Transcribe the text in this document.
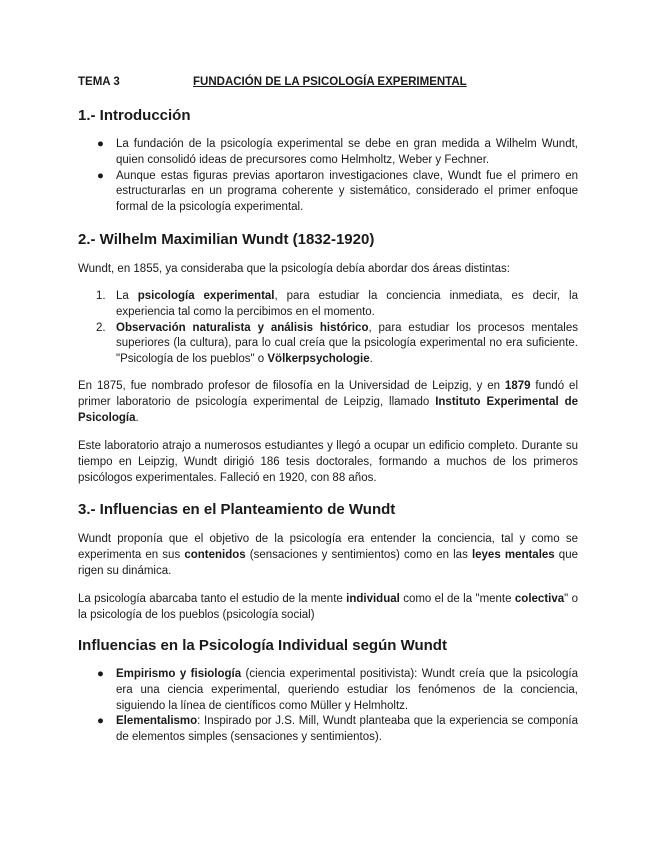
TEMA 3	FUNDACIÓN DE LA PSICOLOGÍA EXPERIMENTAL
1.- Introducción
● La fundación de la psicología experimental se debe en gran medida a Wilhelm Wundt, quien consolidó ideas de precursores como Helmholtz, Weber y Fechner.
● Aunque estas figuras previas aportaron investigaciones clave, Wundt fue el primero en estructurarlas en un programa coherente y sistemático, considerado el primer enfoque formal de la psicología experimental.
2.- Wilhelm Maximilian Wundt (1832-1920)

Wundt, en 1855, ya consideraba que la psicología debía abordar dos áreas distintas:

1. La psicología experimental, para estudiar la conciencia inmediata, es decir, la experiencia tal como la percibimos en el momento.
2. Observación naturalista y análisis histórico, para estudiar los procesos mentales superiores (la cultura), para lo cual creía que la psicología experimental no era suficiente. "Psicología de los pueblos" o Völkerpsychologie.

En 1875, fue nombrado profesor de filosofía en la Universidad de Leipzig, y en 1879 fundó el primer laboratorio de psicología experimental de Leipzig, llamado Instituto Experimental de Psicología.

Este laboratorio atrajo a numerosos estudiantes y llegó a ocupar un edificio completo. Durante su tiempo en Leipzig, Wundt dirigió 186 tesis doctorales, formando a muchos de los primeros psicólogos experimentales. Falleció en 1920, con 88 años.

3.- Influencias en el Planteamiento de Wundt

Wundt proponía que el objetivo de la psicología era entender la conciencia, tal y como se experimenta en sus contenidos (sensaciones y sentimientos) como en las leyes mentales que rigen su dinámica.

La psicología abarcaba tanto el estudio de la mente individual como el de la "mente colectiva" o la psicología de los pueblos (psicología social)

Influencias en la Psicología Individual según Wundt
● Empirismo y fisiología (ciencia experimental positivista): Wundt creía que la psicología era una ciencia experimental, queriendo estudiar los fenómenos de la conciencia, siguiendo la línea de científicos como Müller y Helmholtz.
● Elementalismo: Inspirado por J.S. Mill, Wundt planteaba que la experiencia se componía de elementos simples (sensaciones y sentimientos).
